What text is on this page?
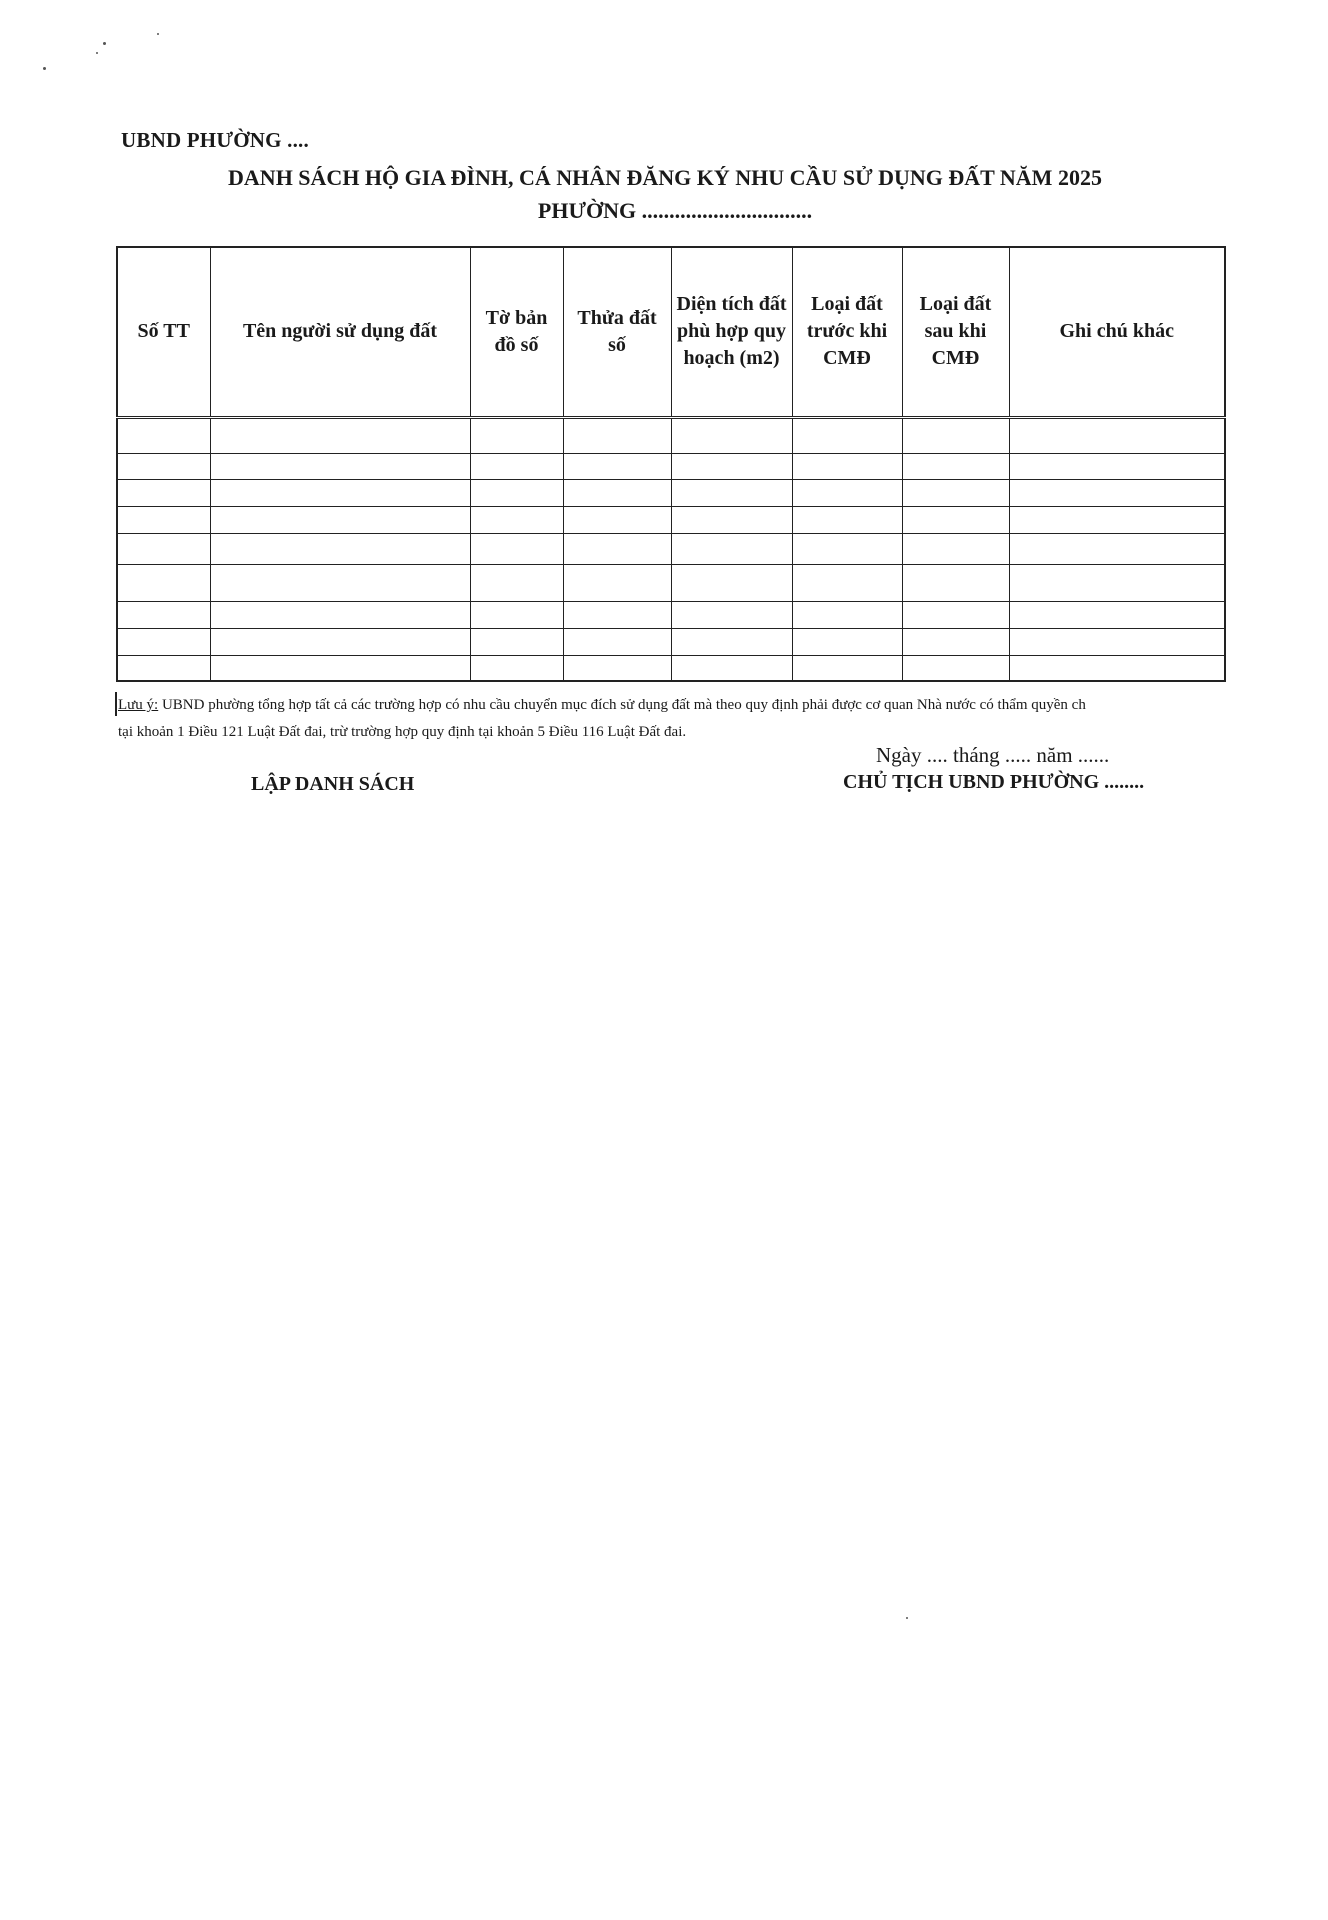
UBND PHƯỜNG ....
DANH SÁCH HỘ GIA ĐÌNH, CÁ NHÂN ĐĂNG KÝ NHU CẦU SỬ DỤNG ĐẤT NĂM 2025
PHƯỜNG ...............................
Số TT	Tên người sử dụng đất	Tờ bản đồ số	Thửa đất số	Diện tích đất phù hợp quy hoạch (m2)	Loại đất trước khi CMĐ	Loại đất sau khi CMĐ	Ghi chú khác

Lưu ý: UBND phường tổng hợp tất cả các trường hợp có nhu cầu chuyển mục đích sử dụng đất mà theo quy định phải được cơ quan Nhà nước có thẩm quyền ch
tại khoản 1 Điều 121 Luật Đất đai, trừ trường hợp quy định tại khoản 5 Điều 116 Luật Đất đai.
Ngày .... tháng ..... năm ......
LẬP DANH SÁCH	CHỦ TỊCH UBND PHƯỜNG ........
